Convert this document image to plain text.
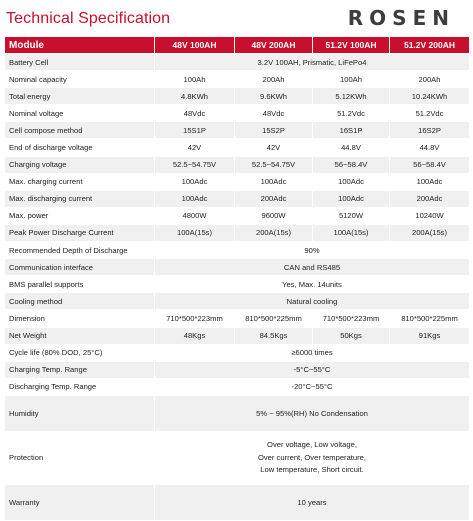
Technical Specification	ROSEN
Module	48V 100AH	48V 200AH	51.2V 100AH	51.2V 200AH
Battery Cell	3.2V 100AH, Prismatic, LiFePo4			
Nominal capacity	100Ah	200Ah	100Ah	200Ah
Total energy	4.8KWh	9.6KWh	5.12KWh	10.24KWh
Nominal voltage	48Vdc	48Vdc	51.2Vdc	51.2Vdc
Cell compose method	15S1P	15S2P	16S1P	16S2P
End of discharge voltage	42V	42V	44.8V	44.8V
Charging voltage	52.5~54.75V	52.5~54.75V	56~58.4V	56~58.4V
Max. charging current	100Adc	100Adc	100Adc	100Adc
Max. discharging current	100Adc	200Adc	100Adc	200Adc
Max. power	4800W	9600W	5120W	10240W
Peak Power Discharge Current	100A(15s)	200A(15s)	100A(15s)	200A(15s)
Recommended Depth of Discharge	90%			
Communication interface	CAN and RS485			
BMS parallel supports	Yes, Max. 14units			
Cooling method	Natural cooling			
Dimension	710*500*223mm	810*500*225mm	710*500*223mm	810*500*225mm
Net Weight	48Kgs	84.5Kgs	50Kgs	91Kgs
Cycle life (80% DOD, 25°C)	≥6000 times			
Charging Temp. Range	-5°C~55°C			
Discharging Temp. Range	-20°C~55°C			
Humidity	5% ~ 95%(RH) No Condensation			
Protection	Over voltage, Low voltage,
Over current, Over temperature,
Low temperature, Short circuit.			

Warranty	10 years			
